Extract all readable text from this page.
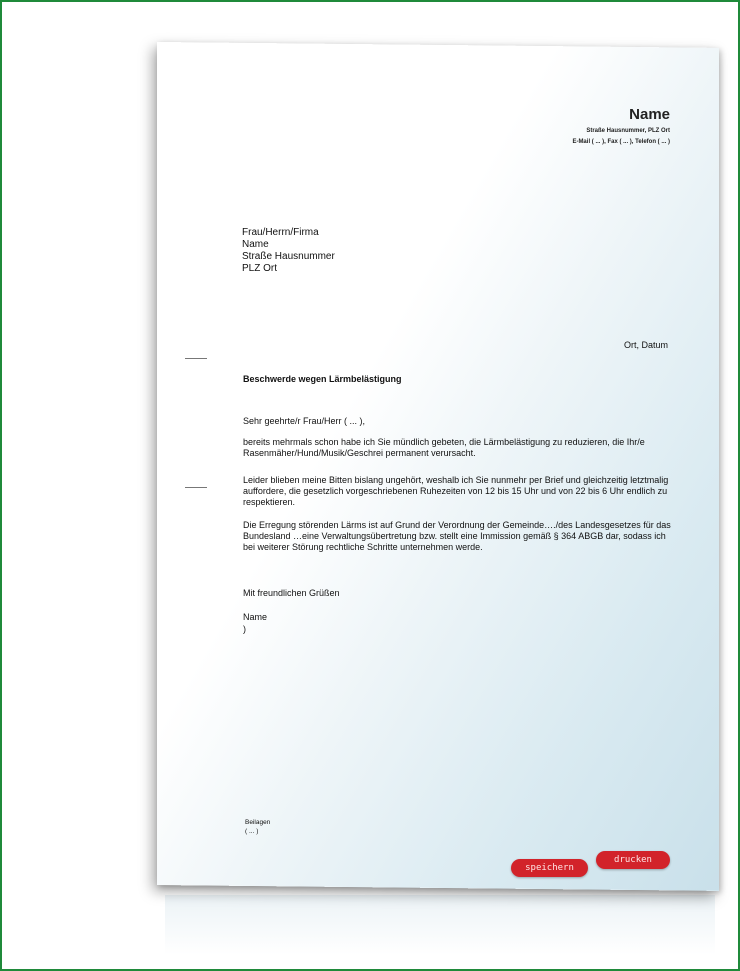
Name
Straße Hausnummer, PLZ Ort
E-Mail ( ... ), Fax ( ... ), Telefon ( ... )
Frau/Herrn/Firma
Name
Straße Hausnummer
PLZ Ort
Ort, Datum
Beschwerde wegen Lärmbelästigung
Sehr geehrte/r Frau/Herr ( ... ),
bereits mehrmals schon habe ich Sie mündlich gebeten, die Lärmbelästigung zu reduzieren, die Ihr/e Rasenmäher/Hund/Musik/Geschrei permanent verursacht.
Leider blieben meine Bitten bislang ungehört, weshalb ich Sie nunmehr per Brief und gleichzeitig letztmalig auffordere, die gesetzlich vorgeschriebenen Ruhezeiten von 12 bis 15 Uhr und von 22 bis 6 Uhr endlich zu respektieren.
Die Erregung störenden Lärms ist auf Grund der Verordnung der Gemeinde…./des Landesgesetzes für das Bundesland …eine Verwaltungsübertretung bzw. stellt eine Immission gemäß § 364 ABGB dar, sodass ich bei weiterer Störung rechtliche Schritte unternehmen werde.
Mit freundlichen Grüßen
Name
)
Beilagen
( ... )
speichern
drucken
